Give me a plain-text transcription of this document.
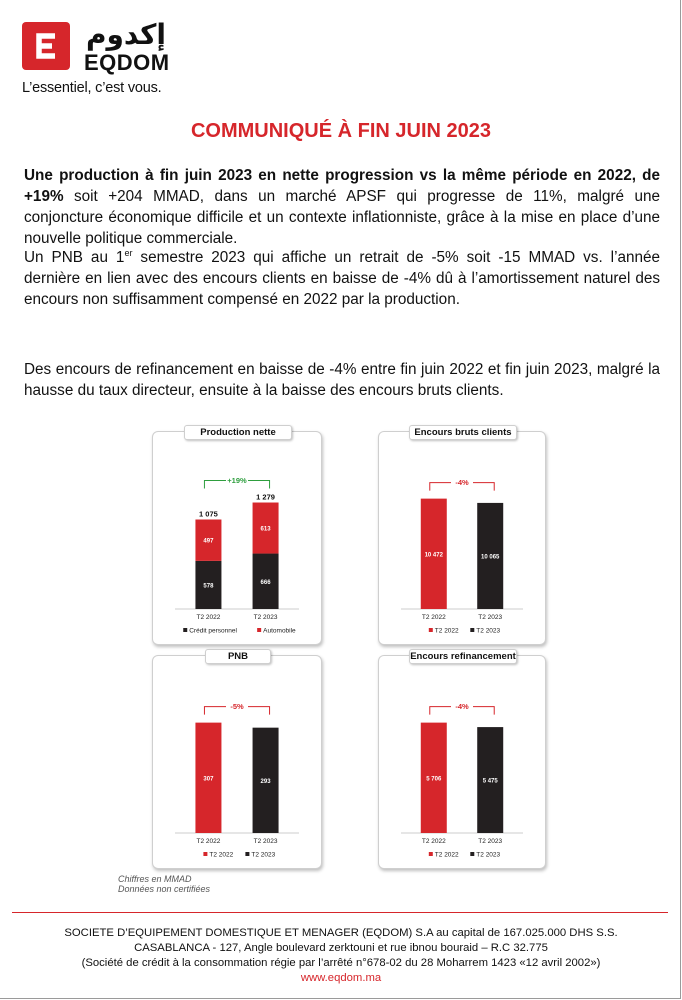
إكدوم
EQDOM
L’essentiel, c’est vous.
COMMUNIQUÉ À FIN JUIN 2023
Une production à fin juin 2023 en nette progression vs la même période en 2022, de +19% soit +204 MMAD, dans un marché APSF qui progresse de 11%, malgré une conjoncture économique difficile et un contexte inflationniste, grâce à la mise en place d’une nouvelle politique commerciale.
Un PNB au 1er semestre 2023 qui affiche un retrait de -5% soit -15 MMAD vs. l’année dernière en lien avec des encours clients en baisse de -4% dû à l’amortissement naturel des encours non suffisamment compensé en 2022 par la production.
Des encours de refinancement en baisse de -4% entre fin juin 2022 et fin juin 2023, malgré la hausse du taux directeur, ensuite à la baisse des encours bruts clients.
578
497
1 075
666
613
1 279
+19%
T2 2022	T2 2023
Crédit personnel	Automobile
Production nette
10 472	10 065
-4%
T2 2022	T2 2023
T2 2022	T2 2023
Encours bruts clients
307	293
-5%
T2 2022	T2 2023
T2 2022	T2 2023
PNB
5 706	5 475
-4%
T2 2022	T2 2023
T2 2022	T2 2023
Encours refinancement
Chiffres en MMAD
Données non certifiées
SOCIETE D’EQUIPEMENT DOMESTIQUE ET MENAGER (EQDOM) S.A au capital de 167.025.000 DHS S.S.
CASABLANCA - 127, Angle boulevard zerktouni et rue ibnou bouraid – R.C 32.775
(Société de crédit à la consommation régie par l’arrêté n°678-02 du 28 Moharrem 1423 «12 avril 2002»)
www.eqdom.ma
